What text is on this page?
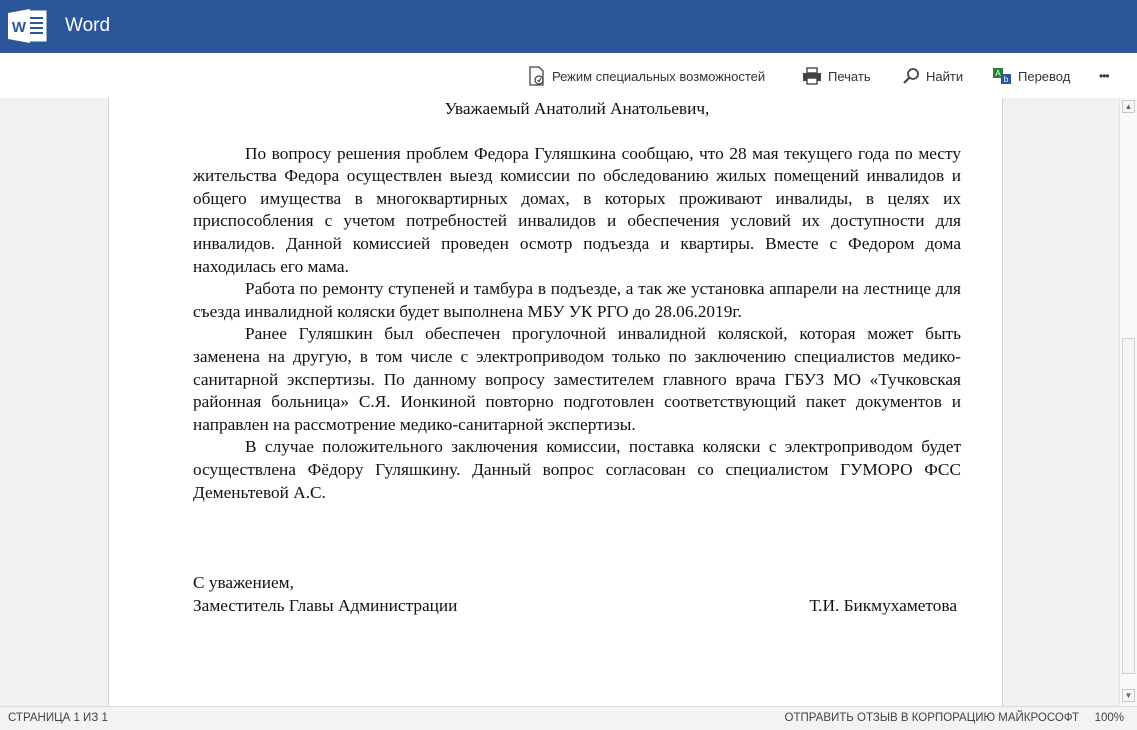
W Word
Режим специальных возможностей	Печать	Найти	A
b Перевод •••

Уважаемый Анатолий Анатольевич,

По вопросу решения проблем Федора Гуляшкина сообщаю, что 28 мая текущего года по месту жительства Федора осуществлен выезд комиссии по обследованию жилых помещений инвалидов и общего имущества в многоквартирных домах, в которых проживают инвалиды, в целях их приспособления с учетом потребностей инвалидов и обеспечения условий их доступности для инвалидов. Данной комиссией проведен осмотр подъезда и квартиры. Вместе с Федором дома находилась его мама.

Работа по ремонту ступеней и тамбура в подъезде, а так же установка аппарели на лестнице для съезда инвалидной коляски будет выполнена МБУ УК РГО до 28.06.2019г.

Ранее Гуляшкин был обеспечен прогулочной инвалидной коляской, которая может быть заменена на другую, в том числе с электроприводом только по заключению специалистов медико-санитарной экспертизы. По данному вопросу заместителем главного врача ГБУЗ МО «Тучковская районная больница» С.Я. Ионкиной повторно подготовлен соответствующий пакет документов и направлен на рассмотрение медико-санитарной экспертизы.

В случае положительного заключения комиссии, поставка коляски с электроприводом будет осуществлена Фёдору Гуляшкину. Данный вопрос согласован со специалистом ГУМОРО ФСС Деменьтевой А.С.

С уважением,
Заместитель Главы Администрации	Т.И. Бикмухаметова
▲
▼
СТРАНИЦА 1 ИЗ 1	ОТПРАВИТЬ ОТЗЫВ В КОРПОРАЦИЮ МАЙКРОСОФТ 100%
